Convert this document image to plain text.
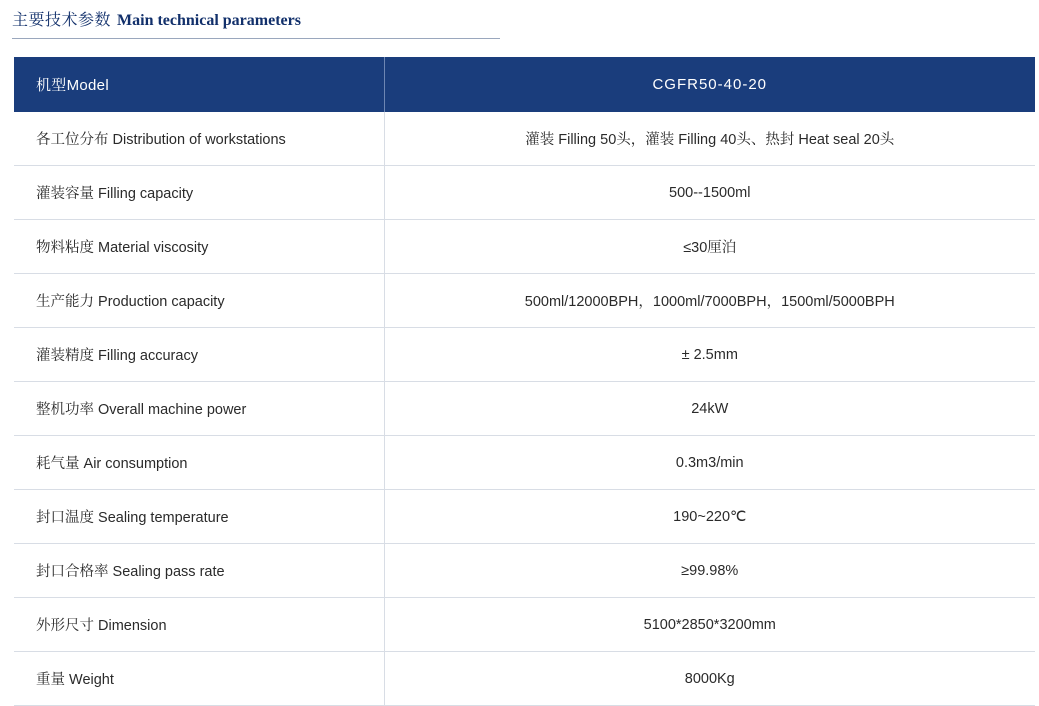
主要技术参数 Main technical parameters
机型Model	CGFR50-40-20
各工位分布 Distribution of workstations	灌装 Filling 50头，灌装 Filling 40头、热封 Heat seal 20头
灌装容量 Filling capacity	500--1500ml
物料粘度 Material viscosity	≤30厘泊
生产能力 Production capacity	500ml/12000BPH，1000ml/7000BPH，1500ml/5000BPH
灌装精度 Filling accuracy	± 2.5mm
整机功率 Overall machine power	24kW
耗气量 Air consumption	0.3m3/min
封口温度 Sealing temperature	190~220℃
封口合格率 Sealing pass rate	≥99.98%
外形尺寸 Dimension	5100*2850*3200mm
重量 Weight	8000Kg
